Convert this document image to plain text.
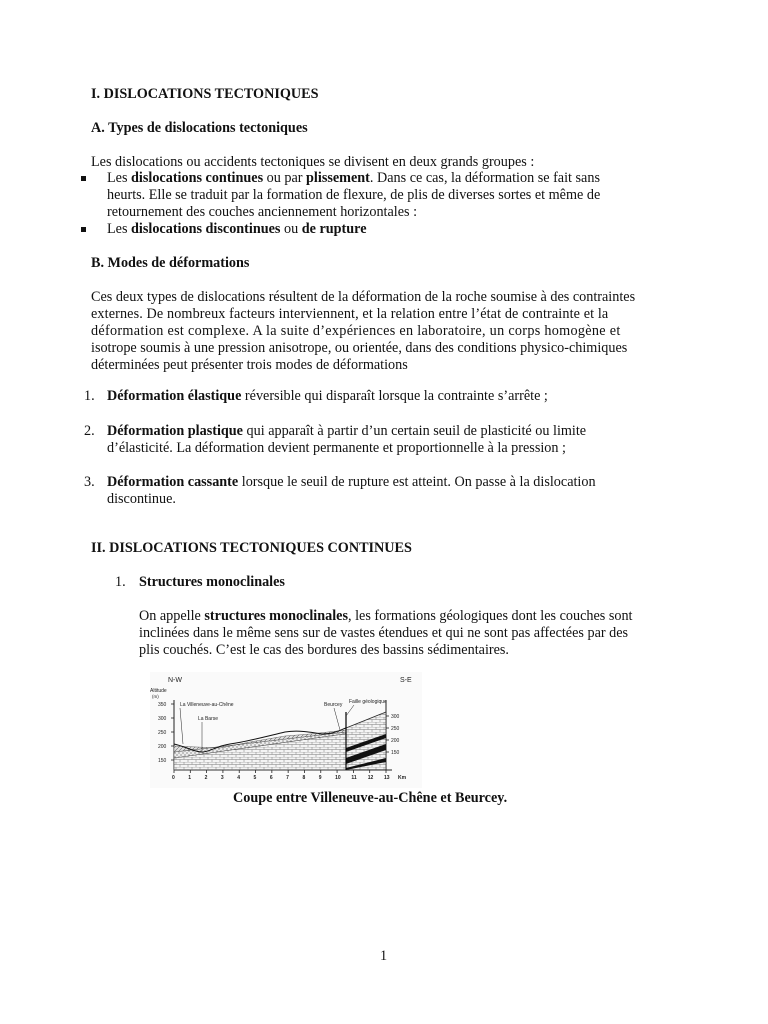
I. DISLOCATIONS TECTONIQUES
A. Types de dislocations tectoniques
Les dislocations ou accidents tectoniques se divisent en deux grands groupes :
Les dislocations continues ou par plissement. Dans ce cas, la déformation se fait sans
heurts. Elle se traduit par la formation de flexure, de plis de diverses sortes et même de
retournement des couches anciennement horizontales :
Les dislocations discontinues ou de rupture
B. Modes de déformations
Ces deux types de dislocations résultent de la déformation de la roche soumise à des contraintes
externes. De nombreux facteurs interviennent, et la relation entre l’état de contrainte et la
déformation est complexe. A la suite d’expériences en laboratoire, un corps homogène et
isotrope soumis à une pression anisotrope, ou orientée, dans des conditions physico-chimiques
déterminées peut présenter trois modes de déformations
1. Déformation élastique réversible qui disparaît lorsque la contrainte s’arrête ;
2. Déformation plastique qui apparaît à partir d’un certain seuil de plasticité ou limite
d’élasticité. La déformation devient permanente et proportionnelle à la pression ;
3. Déformation cassante lorsque le seuil de rupture est atteint. On passe à la dislocation
discontinue.
II. DISLOCATIONS TECTONIQUES CONTINUES
1. Structures monoclinales
On appelle structures monoclinales, les formations géologiques dont les couches sont
inclinées dans le même sens sur de vastes étendues et qui ne sont pas affectées par des
plis couchés. C’est le cas des bordures des bassins sédimentaires.
N-W	S-E
Altitude
(m)
350
300
250
200
150
300
250
200
150
0	1	2	3	4	5	6	7	8	9	10 11 12 13 Km
La Villeneuve-au-Chêne
La Barse
Beurcey Faille géologique
Coupe entre Villeneuve-au-Chêne et Beurcey.
1
